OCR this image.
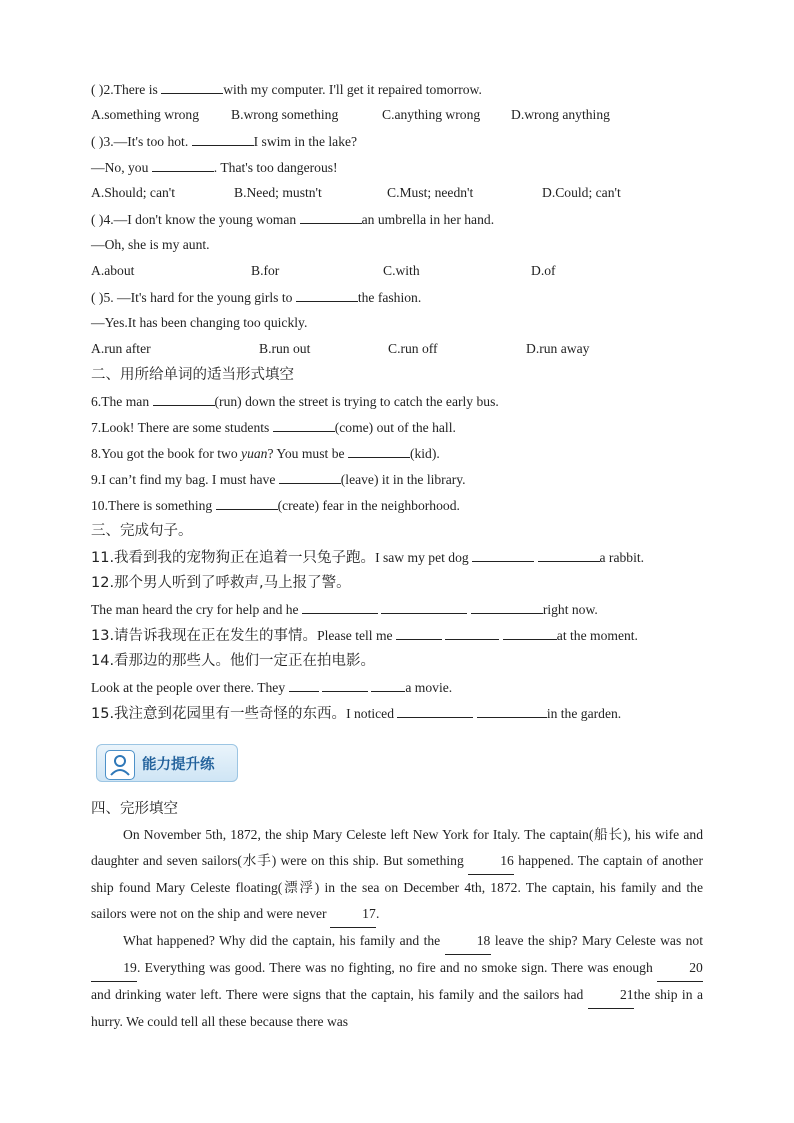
( )2.There is	with my computer. I'll get it repaired tomorrow.
A.something wrong B.wrong something	C.anything wrong D.wrong anything
( )3.—It's too hot.	I swim in the lake?
—No, you	. That's too dangerous!
A.Should; can't	B.Need; mustn't	C.Must; needn't	D.Could; can't
( )4.—I don't know the young woman	an umbrella in her hand.
—Oh, she is my aunt.
A.about	B.for	C.with	D.of
( )5. —It's hard for the young girls to	the fashion.
—Yes.It has been changing too quickly.
A.run after	B.run out	C.run off	D.run away
二、用所给单词的适当形式填空
6.The man	(run) down the street is trying to catch the early bus.
7.Look! There are some students	(come) out of the hall.
8.You got the book for two yuan? You must be	(kid).
9.I can’t find my bag. I must have	(leave) it in the library.
10.There is something	(create) fear in the neighborhood.
三、完成句子。
11.我看到我的宠物狗正在追着一只兔子跑。I saw my pet dog	a rabbit.
12.那个男人听到了呼救声,马上报了警。
The man heard the cry for help and he	right now.
13.请告诉我现在正在发生的事情。Please tell me	at the moment.
14.看那边的那些人。他们一定正在拍电影。
Look at the people over there. They	a movie.
15.我注意到花园里有一些奇怪的东西。I noticed	in the garden.
能力提升练
四、完形填空

On November 5th, 1872, the ship Mary Celeste left New York for Italy. The captain(船长), his wife and daughter and seven sailors(水手) were on this ship. But something 16 happened. The captain of another ship found Mary Celeste floating(漂浮) in the sea on December 4th, 1872. The captain, his family and the sailors were not on the ship and were never 17.

What happened? Why did the captain, his family and the 18 leave the ship? Mary Celeste was not 19. Everything was good. There was no fighting, no fire and no smoke sign. There was enough 20 and drinking water left. There were signs that the captain, his family and the sailors had 21the ship in a hurry. We could tell all these because there was
